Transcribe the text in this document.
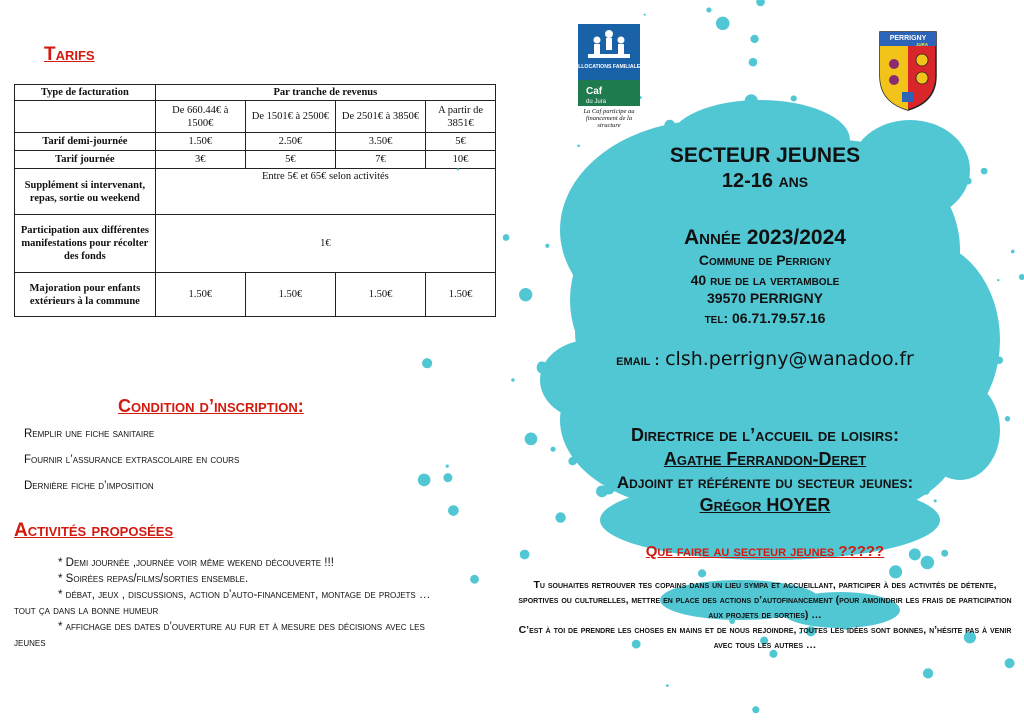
Tarifs
Type de facturation	Par tranche de revenus			
	De 660.44€ à 1500€	De 1501€ à 2500€	De 2501€ à 3850€	A partir de 3851€
Tarif demi-journée	1.50€	2.50€	3.50€	5€
Tarif journée	3€	5€	7€	10€
Supplément si intervenant, repas, sortie ou weekend	Entre 5€ et 65€ selon activités			
Participation aux différentes manifestations pour récolter des fonds	1€			
Majoration pour enfants extérieurs à la commune	1.50€	1.50€	1.50€	1.50€
Condition d’inscription:
Remplir une fiche sanitaire
Fournir l’assurance extrascolaire en cours
Dernière fiche d’imposition
Activités proposées
* Demi journée ,journée voir même wekend découverte !!!
* Soirées repas/films/sorties ensemble.
* débat, jeux , discussions, action d’auto-financement, montage de projets … tout ça dans la bonne humeur
* affichage des dates d’ouverture au fur et à mesure des décisions avec les jeunes
ALLOCATIONS FAMILIALES
Caf
du Jura
La Caf participe au financement de la structure
PERRIGNY
JURA
SECTEUR JEUNES
12-16 ans
Année 2023/2024
Commune de Perrigny
40 rue de la vertambole
39570 PERRIGNY
tel: 06.71.79.57.16
email : clsh.perrigny@wanadoo.fr
Directrice de l’accueil de loisirs:
Agathe Ferrandon-Deret
Adjoint et référente du secteur jeunes:
Grégor HOYER
Que faire au secteur jeunes ?????
Tu souhaites retrouver tes copains dans un lieu sympa et accueillant, participer à des activités de détente, sportives ou culturelles, mettre en place des actions d’autofinancement (pour amoindrir les frais de participation aux projets de sorties) …
C’est à toi de prendre les choses en mains et de nous rejoindre, toutes les idées sont bonnes, n’hésite pas à venir avec tous les autres …
